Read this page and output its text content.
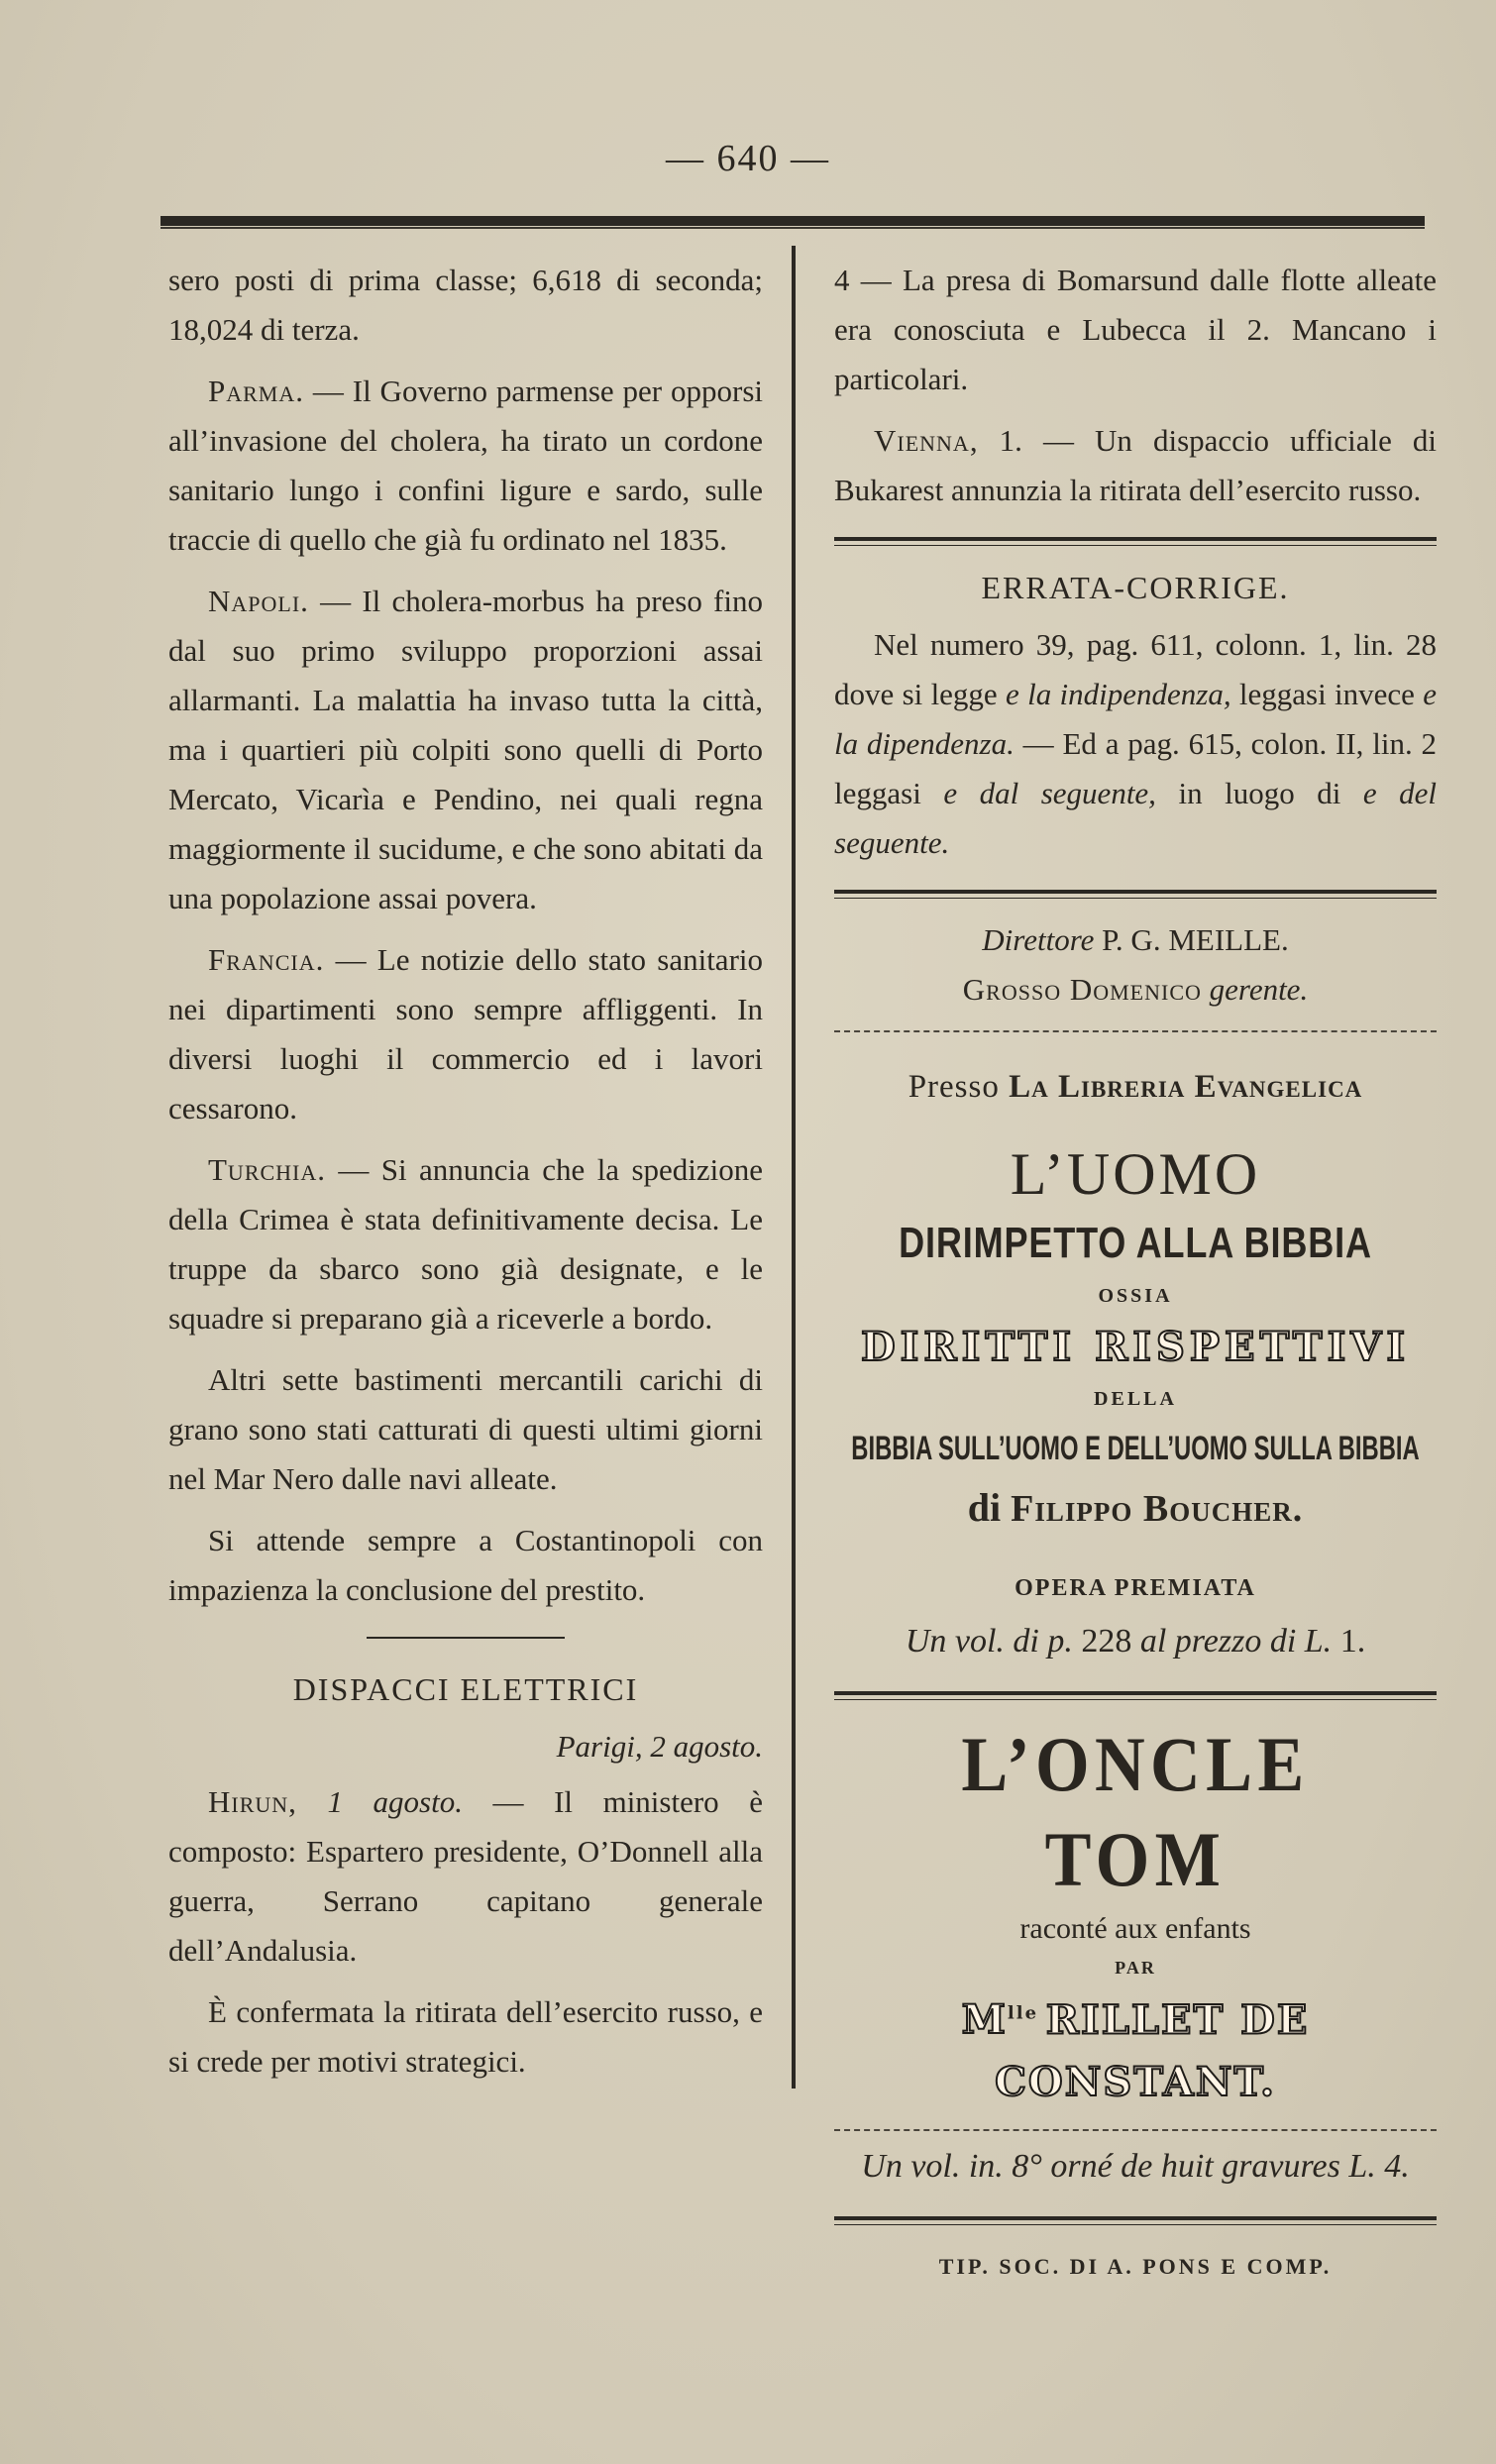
— 640 —

sero posti di prima classe; 6,618 di seconda; 18,024 di terza.

Parma. — Il Governo parmense per opporsi all’invasione del cholera, ha tirato un cordone sanitario lungo i confini ligure e sardo, sulle traccie di quello che già fu ordinato nel 1835.

Napoli. — Il cholera-morbus ha preso fino dal suo primo sviluppo proporzioni assai allarmanti. La malattia ha invaso tutta la città, ma i quartieri più colpiti sono quelli di Porto Mercato, Vicarìa e Pendino, nei quali regna maggiormente il sucidume, e che sono abitati da una popolazione assai povera.

Francia. — Le notizie dello stato sanitario nei dipartimenti sono sempre affliggenti. In diversi luoghi il commercio ed i lavori cessarono.

Turchia. — Si annuncia che la spedizione della Crimea è stata definitivamente decisa. Le truppe da sbarco sono già designate, e le squadre si preparano già a riceverle a bordo.

Altri sette bastimenti mercantili carichi di grano sono stati catturati di questi ultimi giorni nel Mar Nero dalle navi alleate.

Si attende sempre a Costantinopoli con impazienza la conclusione del prestito.

DISPACCI ELETTRICI
Parigi, 2 agosto.

Hirun, 1 agosto. — Il ministero è composto: Espartero presidente, O’Donnell alla guerra, Serrano capitano generale dell’Andalusia.

È confermata la ritirata dell’esercito russo, e si crede per motivi strategici.

4 — La presa di Bomarsund dalle flotte alleate era conosciuta e Lubecca il 2. Mancano i particolari.

Vienna, 1. — Un dispaccio ufficiale di Bukarest annunzia la ritirata dell’esercito russo.

ERRATA-CORRIGE.

Nel numero 39, pag. 611, colonn. 1, lin. 28 dove si legge e la indipendenza, leggasi invece e la dipendenza. — Ed a pag. 615, colon. II, lin. 2 leggasi e dal seguente, in luogo di e del seguente.

Direttore P. G. MEILLE.
Grosso Domenico gerente.
Presso La Libreria Evangelica
L’UOMO
DIRIMPETTO ALLA BIBBIA
OSSIA
DIRITTI RISPETTIVI
DELLA
BIBBIA SULL’UOMO E DELL’UOMO SULLA BIBBIA
di Filippo Boucher.
OPERA PREMIATA
Un vol. di p. 228 al prezzo di L. 1.
L’ONCLE TOM
raconté aux enfants
PAR
$M^{lle}$ RILLET DE CONSTANT.
Un vol. in. 8° orné de huit gravures L. 4.
TIP. SOC. DI A. PONS E COMP.
